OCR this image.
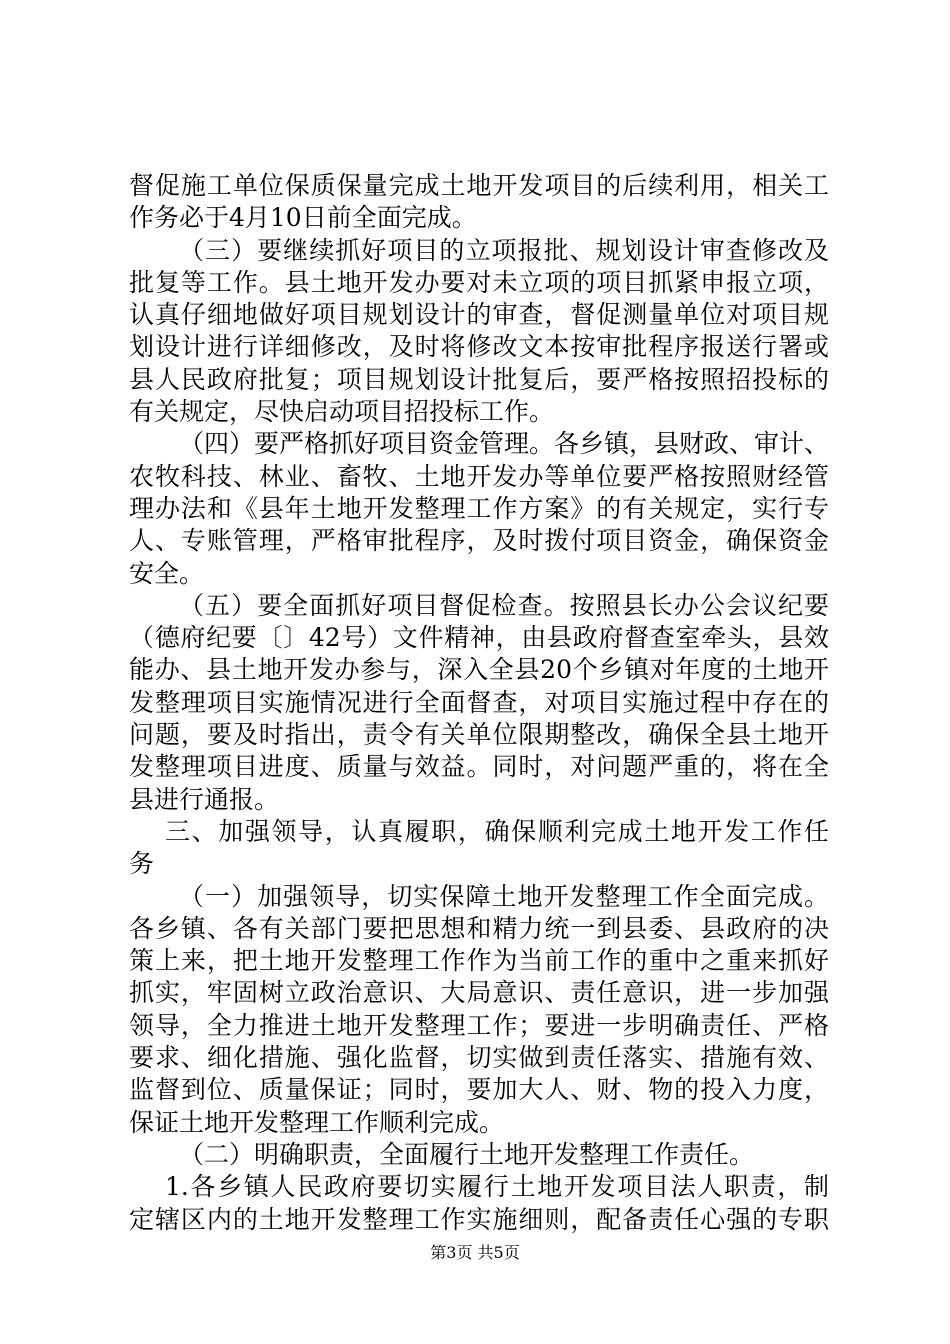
督促施工单位保质保量完成土地开发项目的后续利用，相关工
作务必于4月10日前全面完成。
（三）要继续抓好项目的立项报批、规划设计审查修改及
批复等工作。县土地开发办要对未立项的项目抓紧申报立项，
认真仔细地做好项目规划设计的审查，督促测量单位对项目规
划设计进行详细修改，及时将修改文本按审批程序报送行署或
县人民政府批复；项目规划设计批复后，要严格按照招投标的
有关规定，尽快启动项目招投标工作。
（四）要严格抓好项目资金管理。各乡镇，县财政、审计、
农牧科技、林业、畜牧、土地开发办等单位要严格按照财经管
理办法和《县年土地开发整理工作方案》的有关规定，实行专
人、专账管理，严格审批程序，及时拨付项目资金，确保资金
安全。
（五）要全面抓好项目督促检查。按照县长办公会议纪要
（德府纪要〔〕42号）文件精神，由县政府督查室牵头，县效
能办、县土地开发办参与，深入全县20个乡镇对年度的土地开
发整理项目实施情况进行全面督查，对项目实施过程中存在的
问题，要及时指出，责令有关单位限期整改，确保全县土地开
发整理项目进度、质量与效益。同时，对问题严重的，将在全
县进行通报。
三、加强领导，认真履职，确保顺利完成土地开发工作任
务
（一）加强领导，切实保障土地开发整理工作全面完成。
各乡镇、各有关部门要把思想和精力统一到县委、县政府的决
策上来，把土地开发整理工作作为当前工作的重中之重来抓好
抓实，牢固树立政治意识、大局意识、责任意识，进一步加强
领导，全力推进土地开发整理工作；要进一步明确责任、严格
要求、细化措施、强化监督，切实做到责任落实、措施有效、
监督到位、质量保证；同时，要加大人、财、物的投入力度，
保证土地开发整理工作顺利完成。
（二）明确职责，全面履行土地开发整理工作责任。
1.各乡镇人民政府要切实履行土地开发项目法人职责，制
定辖区内的土地开发整理工作实施细则，配备责任心强的专职
第3页 共5页
